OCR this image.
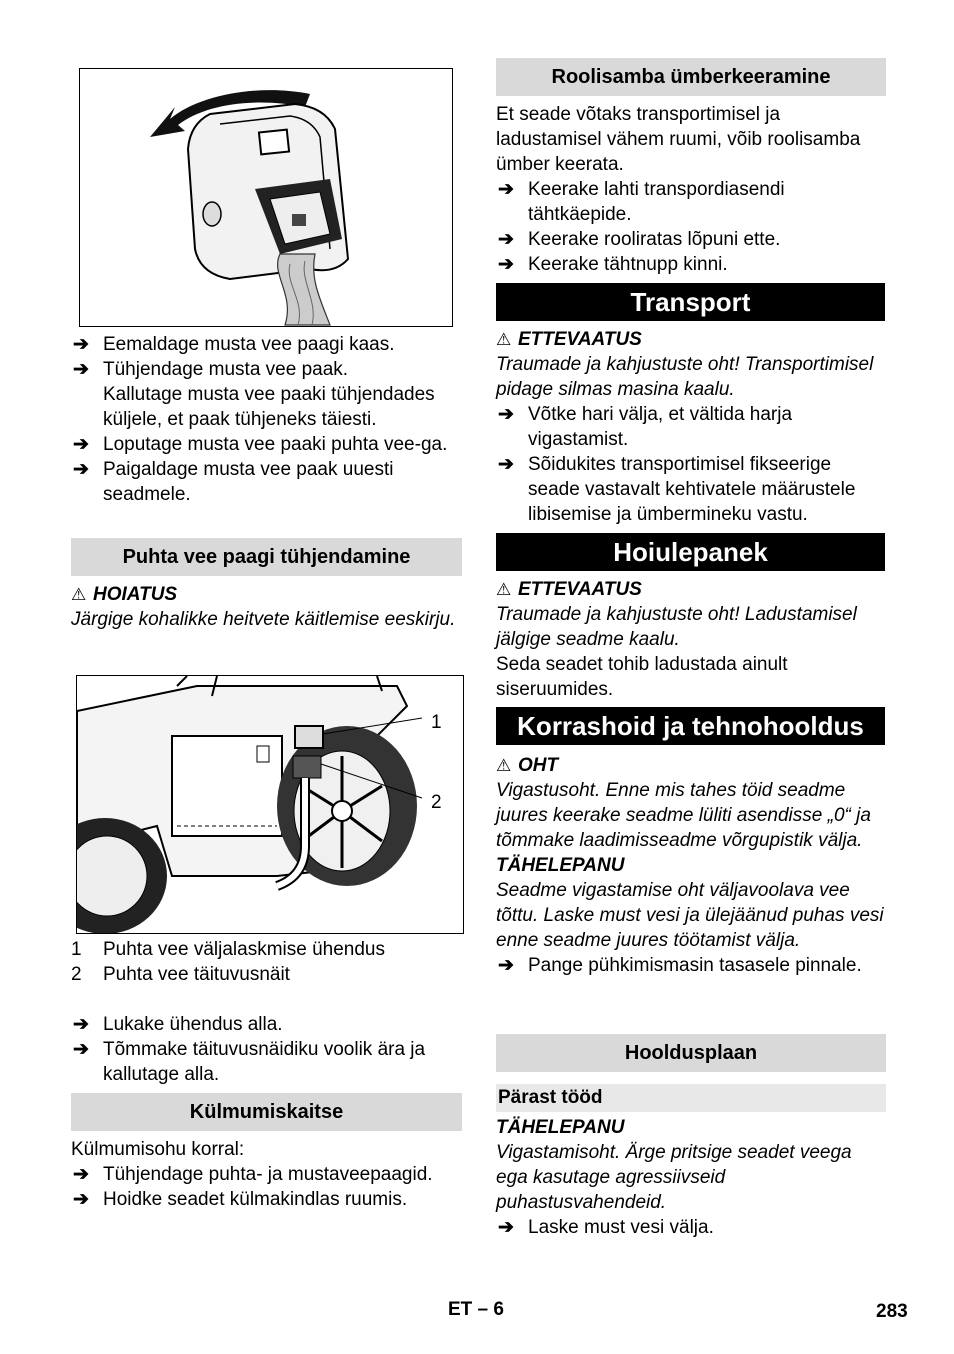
➔ Eemaldage musta vee paagi kaas.
➔ Tühjendage musta vee paak.
Kallutage musta vee paaki tühjendades küljele, et paak tühjeneks täiesti.
➔ Loputage musta vee paaki puhta vee-ga.
➔ Paigaldage musta vee paak uuesti seadmele.
Puhta vee paagi tühjendamine
⚠ HOIATUS

Järgige kohalikke heitvete käitlemise eeskirju.

1
2
1 Puhta vee väljalaskmise ühendus
2 Puhta vee täituvusnäit
➔ Lukake ühendus alla.
➔ Tõmmake täituvusnäidiku voolik ära ja kallutage alla.
Külmumiskaitse

Külmumisohu korral:

➔ Tühjendage puhta- ja mustaveepaagid.
➔ Hoidke seadet külmakindlas ruumis.
Roolisamba ümberkeeramine

Et seade võtaks transportimisel ja ladustamisel vähem ruumi, võib roolisamba ümber keerata.

➔ Keerake lahti transpordiasendi tähtkäepide.
➔ Keerake rooliratas lõpuni ette.
➔ Keerake tähtnupp kinni.
Transport
⚠ ETTEVAATUS

Traumade ja kahjustuste oht! Transportimisel pidage silmas masina kaalu.

➔ Võtke hari välja, et vältida harja vigastamist.
➔ Sõidukites transportimisel fikseerige seade vastavalt kehtivatele määrustele libisemise ja ümbermineku vastu.
Hoiulepanek
⚠ ETTEVAATUS

Traumade ja kahjustuste oht! Ladustamisel jälgige seadme kaalu.

Seda seadet tohib ladustada ainult siseruumides.

Korrashoid ja tehnohooldus
⚠ OHT

Vigastusoht. Enne mis tahes töid seadme juures keerake seadme lüliti asendisse „0“ ja tõmmake laadimisseadme võrgupistik välja.

TÄHELEPANU

Seadme vigastamise oht väljavoolava vee tõttu. Laske must vesi ja ülejäänud puhas vesi enne seadme juures töötamist välja.

➔ Pange pühkimismasin tasasele pinnale.
Hooldusplaan
Pärast tööd
TÄHELEPANU

Vigastamisoht. Ärge pritsige seadet veega ega kasutage agressiivseid puhastusvahendeid.

➔ Laske must vesi välja.
ET – 6	283
